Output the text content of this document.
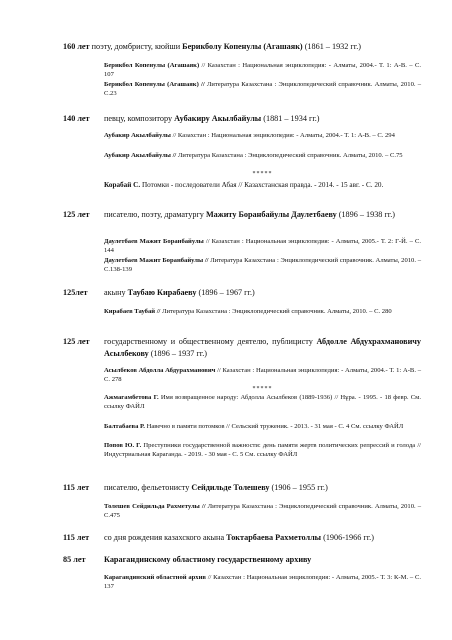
160 лет поэту, домбристу, кюйши Берикболу Копенулы (Агашаяк) (1861 – 1932 гг.)
Берикбол Копенулы (Агашаяк) // Казахстан : Национальная энциклопедия: - Алматы, 2004.- Т. 1: А-В. – С. 107
Берикбол Копенулы (Агашаяк) // Литература Казахстана : Энциклопедический справочник. Алматы, 2010. – С.23
140 лет певцу, композитору Аубакиру Акылбайулы (1881 – 1934 гг.)
Аубакир Акылбайулы // Казахстан : Национальная энциклопедия: - Алматы, 2004.- Т. 1: А-В. – С. 294
Аубакир Акылбайулы // Литература Казахстана : Энциклопедический справочник. Алматы, 2010. – С.75
*****
Корабай С. Потомки - последователи Абая // Казахстанская правда. - 2014. - 15 авг. - С. 20.
125 лет писателю, поэту, драматургу Мажиту Боранбайулы Даулетбаеву (1896 – 1938 гг.)
Даулетбаев Мажит Боранбайулы // Казахстан : Национальная энциклопедия: - Алматы, 2005.- Т. 2: Г-Й. – С. 144
Даулетбаев Мажит Боранбайулы // Литература Казахстана : Энциклопедический справочник. Алматы, 2010. – С.138-139
125лет акыну Таубаю Кирабаеву (1896 – 1967 гг.)
Кирабаев Таубай // Литература Казахстана : Энциклопедический справочник. Алматы, 2010. – С. 280
125 лет государственному и общественному деятелю, публицисту Абдолле Абдухрахмановичу Асылбекову (1896 – 1937 гг.)
Асылбеков Абдолла Абдурахманович // Казахстан : Национальная энциклопедия: - Алматы, 2004.- Т. 1: А-В. – С. 278
*****
Ажмагамбетова Г. Имя возвращенное народу: Абдолла Асылбеков (1889-1936) // Нұра. - 1995. - 18 февр. См. ссылку ФАЙЛ
Балтабаева Р. Навечно в памяти потомков // Сельский труженик. - 2013. - 31 мая - С. 4 См. ссылку ФАЙЛ
Попов Ю. Г. Преступники государственной важности: день памяти жертв политических репрессий и голода // Индустриальная Караганда. - 2019. - 30 мая - С. 5 См. ссылку ФАЙЛ
115 лет писателю, фельетонисту Сейдильде Толешеву (1906 – 1955 гг.)
Толешев Сейдильда Рахметулы // Литература Казахстана : Энциклопедический справочник. Алматы, 2010. – С.475
115 лет со дня рождения казахского акына Токтарбаева Рахметоллы (1906-1966 гг.)
85 лет Карагандинскому областному государственному архиву
Карагандинский областной архив // Казахстан : Национальная энциклопедия: - Алматы, 2005.- Т. 3: К-М. – С. 137
